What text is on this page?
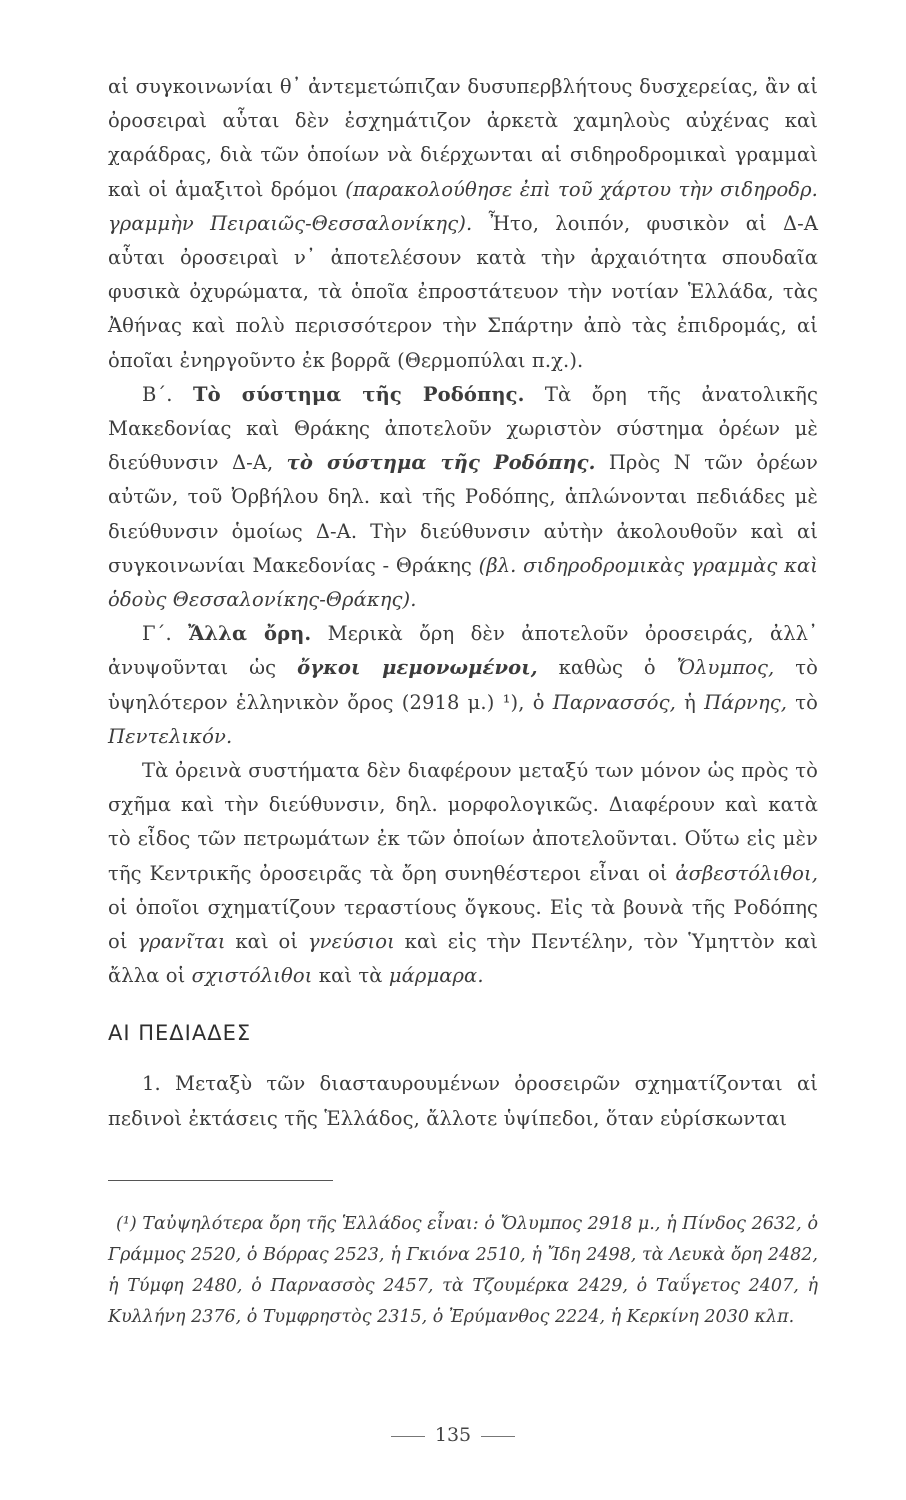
αἱ συγκοινωνίαι θ᾽ ἀντεμετώπιζαν δυσυπερβλήτους δυσχερείας, ἂν αἱ ὀροσειραὶ αὗται δὲν ἐσχημάτιζον ἀρκετὰ χαμηλοὺς αὐχένας καὶ χαράδρας, διὰ τῶν ὁποίων νὰ διέρχωνται αἱ σιδηροδρομικαὶ γραμμαὶ καὶ οἱ ἁμαξιτοὶ δρόμοι (παρακολούθησε ἐπὶ τοῦ χάρτου τὴν σιδηροδρ. γραμμὴν Πειραιῶς-Θεσσαλονίκης). Ἦτο, λοιπόν, φυσικὸν αἱ Δ-Α αὗται ὀροσειραὶ ν᾽ ἀποτελέσουν κατὰ τὴν ἀρχαιότητα σπουδαῖα φυσικὰ ὀχυρώματα, τὰ ὁποῖα ἐπροστάτευον τὴν νοτίαν Ἑλλάδα, τὰς Ἀθήνας καὶ πολὺ περισσότερον τὴν Σπάρτην ἀπὸ τὰς ἐπιδρομάς, αἱ ὁποῖαι ἐνηργοῦντο ἐκ βορρᾶ (Θερμοπύλαι π.χ.).

Β΄. Τὸ σύστημα τῆς Ροδόπης. Τὰ ὄρη τῆς ἀνατολικῆς Μακεδονίας καὶ Θράκης ἀποτελοῦν χωριστὸν σύστημα ὀρέων μὲ διεύθυνσιν Δ-Α, τὸ σύστημα τῆς Ροδόπης. Πρὸς Ν τῶν ὀρέων αὐτῶν, τοῦ Ὀρβήλου δηλ. καὶ τῆς Ροδόπης, ἁπλώνονται πεδιάδες μὲ διεύθυνσιν ὁμοίως Δ-Α. Τὴν διεύθυνσιν αὐτὴν ἀκολουθοῦν καὶ αἱ συγκοινωνίαι Μακεδονίας - Θράκης (βλ. σιδηροδρομικὰς γραμμὰς καὶ ὁδοὺς Θεσσαλονίκης-Θράκης).

Γ΄. Ἄλλα ὄρη. Μερικὰ ὄρη δὲν ἀποτελοῦν ὀροσειράς, ἀλλ᾽ ἀνυψοῦνται ὡς ὄγκοι μεμονωμένοι, καθὼς ὁ Ὄλυμπος, τὸ ὑψηλότερον ἑλληνικὸν ὄρος (2918 μ.) ¹), ὁ Παρνασσός, ἡ Πάρνης, τὸ Πεντελικόν.

Τὰ ὀρεινὰ συστήματα δὲν διαφέρουν μεταξύ των μόνον ὡς πρὸς τὸ σχῆμα καὶ τὴν διεύθυνσιν, δηλ. μορφολογικῶς. Διαφέρουν καὶ κατὰ τὸ εἶδος τῶν πετρωμάτων ἐκ τῶν ὁποίων ἀποτελοῦνται. Οὕτω εἰς μὲν τῆς Κεντρικῆς ὀροσειρᾶς τὰ ὄρη συνηθέστεροι εἶναι οἱ ἀσβεστόλιθοι, οἱ ὁποῖοι σχηματίζουν τεραστίους ὄγκους. Εἰς τὰ βουνὰ τῆς Ροδόπης οἱ γρανῖται καὶ οἱ γνεύσιοι καὶ εἰς τὴν Πεντέλην, τὸν Ὑμηττὸν καὶ ἄλλα οἱ σχιστόλιθοι καὶ τὰ μάρμαρα.

ΑΙ ΠΕΔΙΑΔΕΣ

1. Μεταξὺ τῶν διασταυρουμένων ὀροσειρῶν σχηματίζονται αἱ πεδινοὶ ἐκτάσεις τῆς Ἑλλάδος, ἄλλοτε ὑψίπεδοι, ὅταν εὑρίσκωνται

(¹) Ταὐψηλότερα ὄρη τῆς Ἑλλάδος εἶναι: ὁ Ὄλυμπος 2918 μ., ἡ Πίνδος 2632, ὁ Γράμμος 2520, ὁ Βόρρας 2523, ἡ Γκιόνα 2510, ἡ Ἴδη 2498, τὰ Λευκὰ ὄρη 2482, ἡ Τύμφη 2480, ὁ Παρνασσὸς 2457, τὰ Τζουμέρκα 2429, ὁ Ταΰγετος 2407, ἡ Κυλλήνη 2376, ὁ Τυμφρηστὸς 2315, ὁ Ἐρύμανθος 2224, ἡ Κερκίνη 2030 κλπ.

135
